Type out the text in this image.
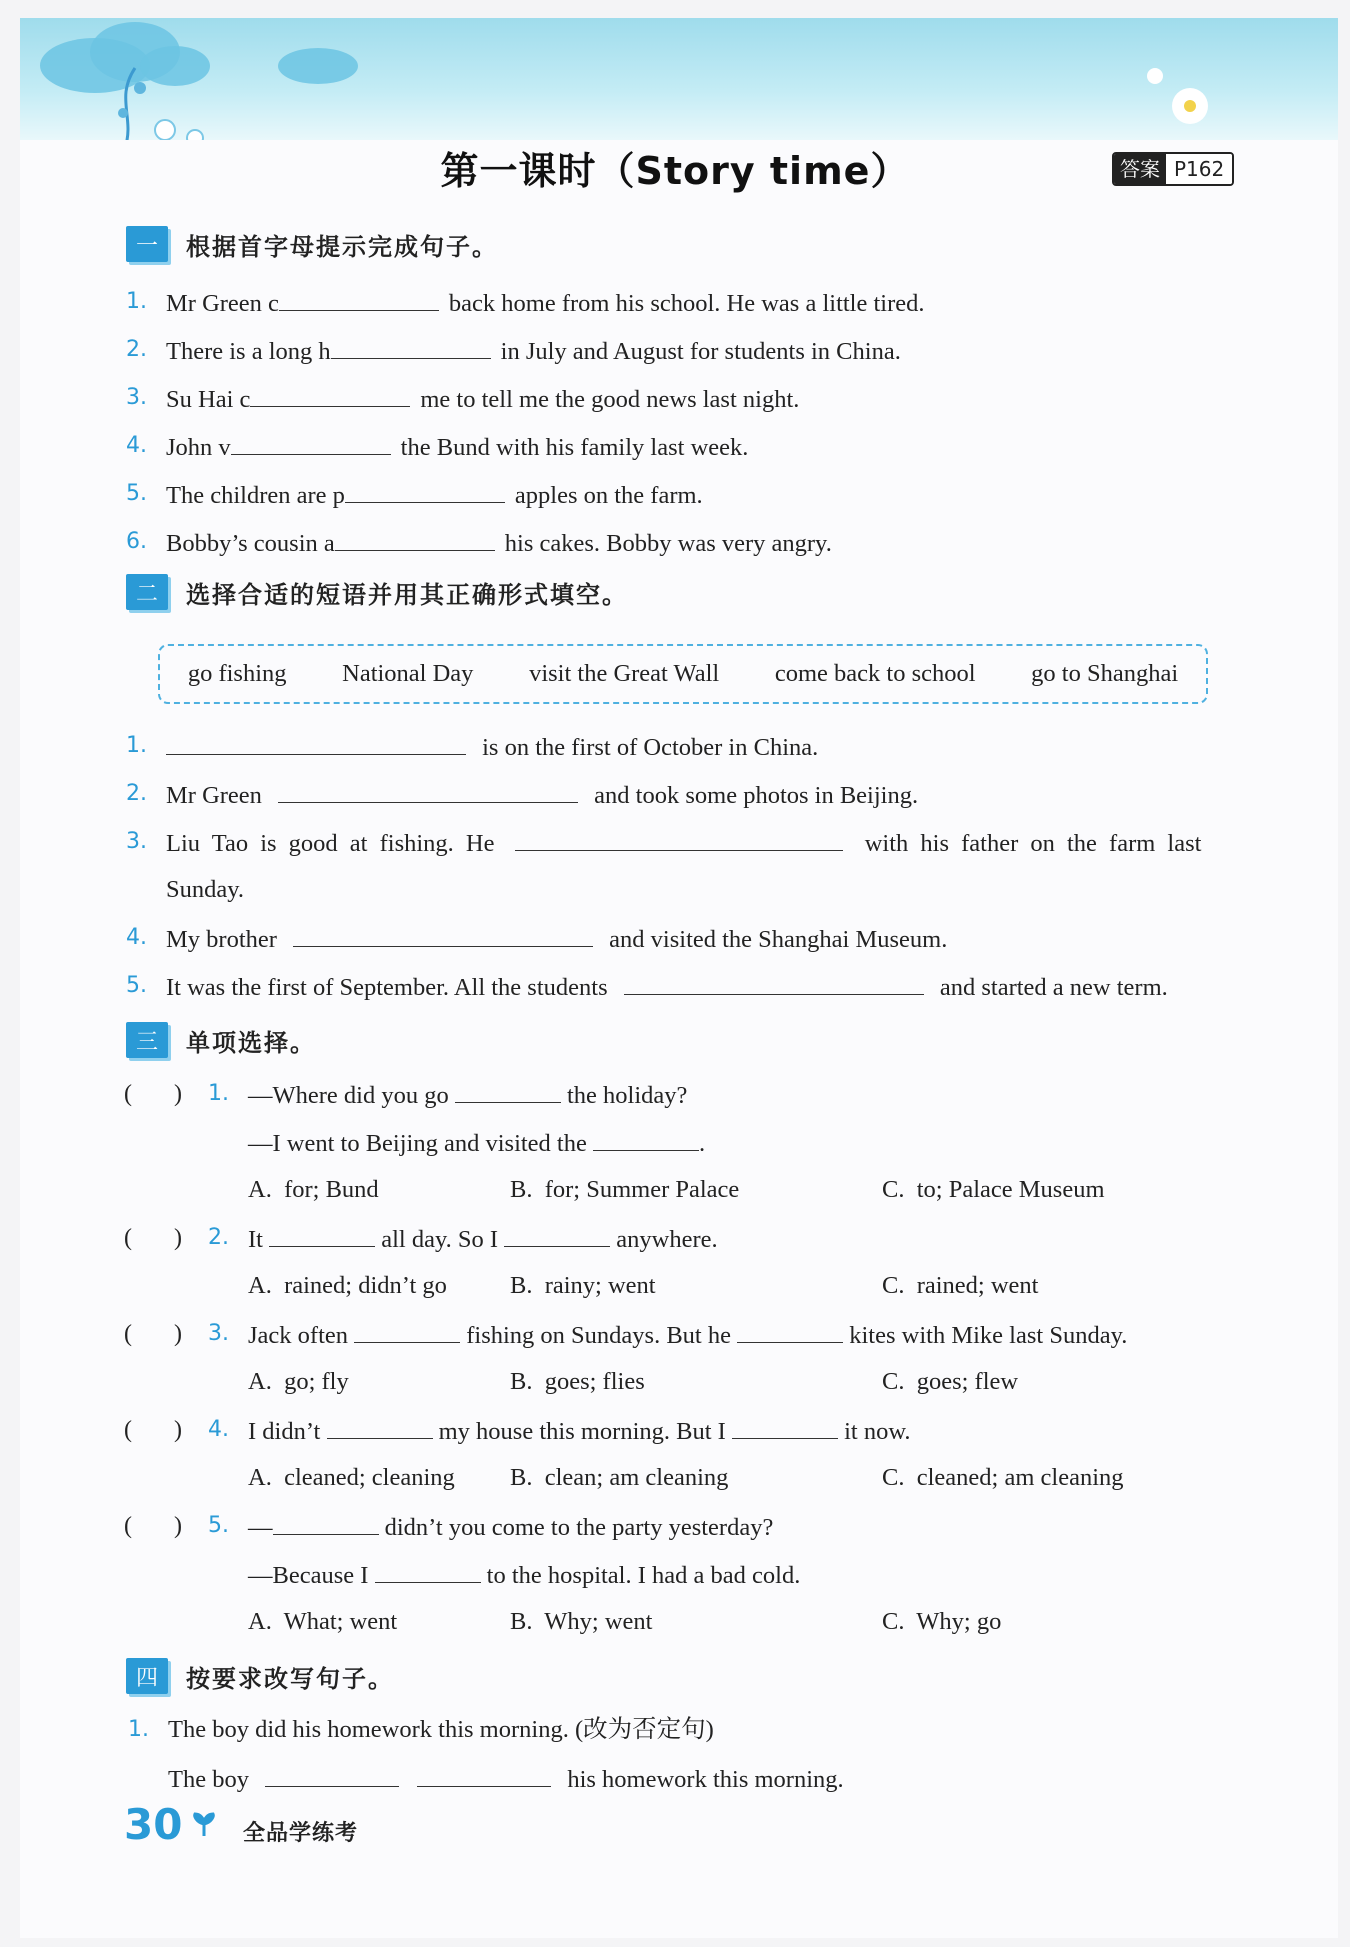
第一课时（Story time）	答案 P162
一	根据首字母提示完成句子。
1. Mr Green c	back home from his school. He was a little tired.
2. There is a long h	in July and August for students in China.
3. Su Hai c	me to tell me the good news last night.
4. John v	the Bund with his family last week.
5. The children are p	apples on the farm.
6. Bobby’s cousin a	his cakes. Bobby was very angry.
二	选择合适的短语并用其正确形式填空。
go fishing National Day visit the Great Wall come back to school go to Shanghai
1.	is on the first of October in China.
2. Mr Green	and took some photos in Beijing.
3. Liu Tao is good at fishing. He	with his father on the farm last
Sunday.
4. My brother	and visited the Shanghai Museum.
5. It was the first of September. All the students	and started a new term.
三	单项选择。
(       ) 1. —Where did you go	the holiday?
—I went to Beijing and visited the	.
A.  for; Bund	B.  for; Summer Palace	C.  to; Palace Museum
(       ) 2. It	all day. So I	anywhere.
A.  rained; didn’t go	B.  rainy; went	C.  rained; went
(       ) 3. Jack often	fishing on Sundays. But he	kites with Mike last Sunday.
A.  go; fly	B.  goes; flies	C.  goes; flew
(       ) 4. I didn’t	my house this morning. But I	it now.
A.  cleaned; cleaning B.  clean; am cleaning	C.  cleaned; am cleaning
(       ) 5. —	didn’t you come to the party yesterday?
—Because I	to the hospital. I had a bad cold.
A.  What; went	B.  Why; went	C.  Why; go
四	按要求改写句子。
1. The boy did his homework this morning. (改为否定句)
The boy	his homework this morning.
30	全品学练考
